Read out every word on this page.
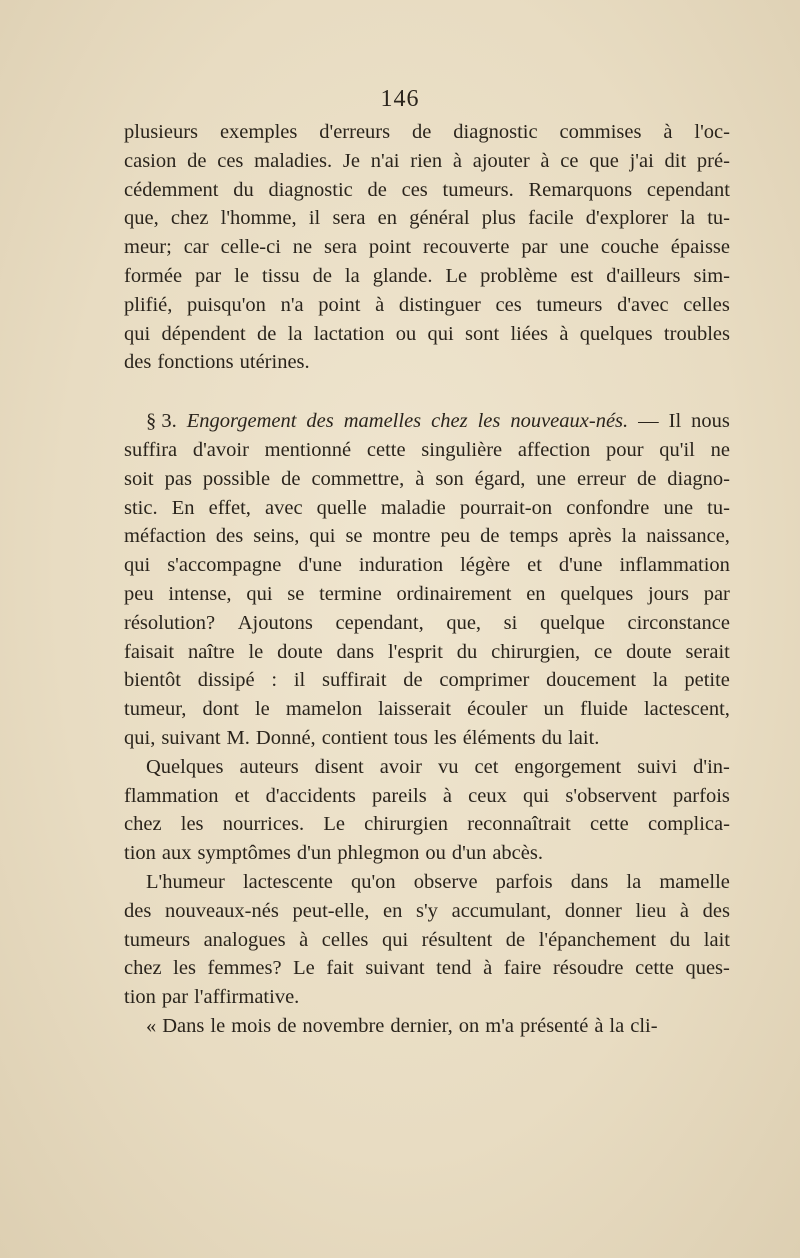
146
plusieurs exemples d'erreurs de diagnostic commises à l'oc-
casion de ces maladies. Je n'ai rien à ajouter à ce que j'ai dit pré-
cédemment du diagnostic de ces tumeurs. Remarquons cependant
que, chez l'homme, il sera en général plus facile d'explorer la tu-
meur; car celle-ci ne sera point recouverte par une couche épaisse
formée par le tissu de la glande. Le problème est d'ailleurs sim-
plifié, puisqu'on n'a point à distinguer ces tumeurs d'avec celles
qui dépendent de la lactation ou qui sont liées à quelques troubles
des fonctions utérines.
§ 3. Engorgement des mamelles chez les nouveaux-nés. — Il nous
suffira d'avoir mentionné cette singulière affection pour qu'il ne
soit pas possible de commettre, à son égard, une erreur de diagno-
stic. En effet, avec quelle maladie pourrait-on confondre une tu-
méfaction des seins, qui se montre peu de temps après la naissance,
qui s'accompagne d'une induration légère et d'une inflammation
peu intense, qui se termine ordinairement en quelques jours par
résolution? Ajoutons cependant, que, si quelque circonstance
faisait naître le doute dans l'esprit du chirurgien, ce doute serait
bientôt dissipé : il suffirait de comprimer doucement la petite
tumeur, dont le mamelon laisserait écouler un fluide lactescent,
qui, suivant M. Donné, contient tous les éléments du lait.
Quelques auteurs disent avoir vu cet engorgement suivi d'in-
flammation et d'accidents pareils à ceux qui s'observent parfois
chez les nourrices. Le chirurgien reconnaîtrait cette complica-
tion aux symptômes d'un phlegmon ou d'un abcès.
L'humeur lactescente qu'on observe parfois dans la mamelle
des nouveaux-nés peut-elle, en s'y accumulant, donner lieu à des
tumeurs analogues à celles qui résultent de l'épanchement du lait
chez les femmes? Le fait suivant tend à faire résoudre cette ques-
tion par l'affirmative.
« Dans le mois de novembre dernier, on m'a présenté à la cli-
